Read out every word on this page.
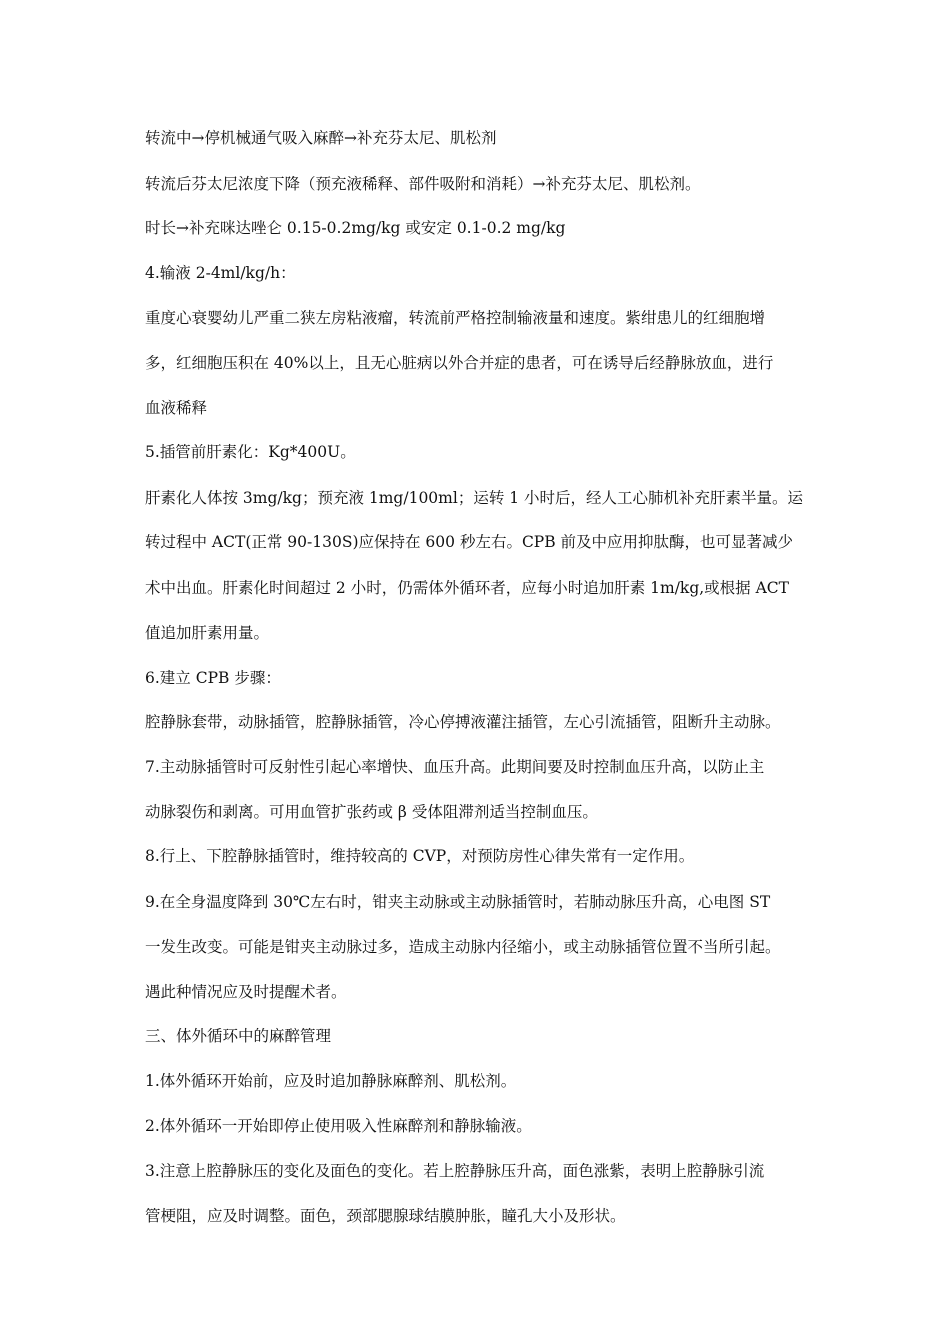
转流中→停机械通气吸入麻醉→补充芬太尼、肌松剂
转流后芬太尼浓度下降（预充液稀释、部件吸附和消耗）→补充芬太尼、肌松剂。
时长→补充咪达唑仑 0.15-0.2mg/kg 或安定 0.1-0.2 mg/kg
4.输液 2-4ml/kg/h：
重度心衰婴幼儿严重二狭左房粘液瘤，转流前严格控制输液量和速度。紫绀患儿的红细胞增
多，红细胞压积在 40%以上，且无心脏病以外合并症的患者，可在诱导后经静脉放血，进行
血液稀释
5.插管前肝素化：Kg*400U。
肝素化人体按 3mg/kg；预充液 1mg/100ml；运转 1 小时后，经人工心肺机补充肝素半量。运
转过程中 ACT(正常 90-130S)应保持在 600 秒左右。CPB 前及中应用抑肽酶，也可显著减少
术中出血。肝素化时间超过 2 小时，仍需体外循环者，应每小时追加肝素 1m/kg,或根据 ACT
值追加肝素用量。
6.建立 CPB 步骤：
腔静脉套带，动脉插管，腔静脉插管，冷心停搏液灌注插管，左心引流插管，阻断升主动脉。
7.主动脉插管时可反射性引起心率增快、血压升高。此期间要及时控制血压升高，以防止主
动脉裂伤和剥离。可用血管扩张药或 β 受体阻滞剂适当控制血压。
8.行上、下腔静脉插管时，维持较高的 CVP，对预防房性心律失常有一定作用。
9.在全身温度降到 30℃左右时，钳夹主动脉或主动脉插管时，若肺动脉压升高，心电图 ST
一发生改变。可能是钳夹主动脉过多，造成主动脉内径缩小，或主动脉插管位置不当所引起。
遇此种情况应及时提醒术者。
三、体外循环中的麻醉管理
1.体外循环开始前，应及时追加静脉麻醉剂、肌松剂。
2.体外循环一开始即停止使用吸入性麻醉剂和静脉输液。
3.注意上腔静脉压的变化及面色的变化。若上腔静脉压升高，面色涨紫，表明上腔静脉引流
管梗阻，应及时调整。面色，颈部腮腺球结膜肿胀，瞳孔大小及形状。
